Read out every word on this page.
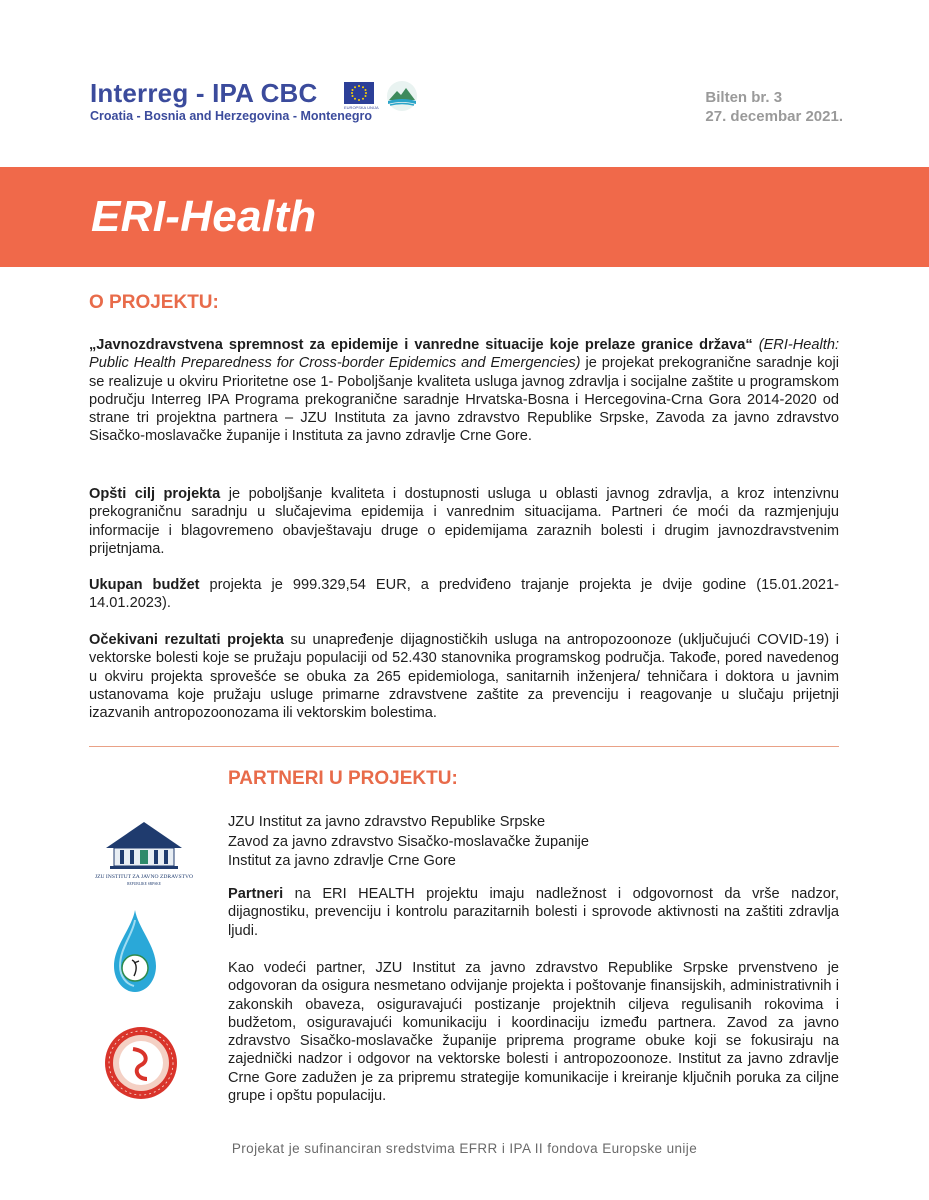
Interreg - IPA CBC
Croatia - Bosnia and Herzegovina - Montenegro
EUROPSKA UNIJA
Bilten br. 3
27. decembar 2021.
ERI-Health
O PROJEKTU:

„Javnozdravstvena spremnost za epidemije i vanredne situacije koje prelaze granice država“ (ERI-Health: Public Health Preparedness for Cross-border Epidemics and Emergencies) je projekat prekogranične saradnje koji se realizuje u okviru Prioritetne ose 1- Poboljšanje kvaliteta usluga javnog zdravlja i socijalne zaštite u programskom području Interreg IPA Programa prekogranične saradnje Hrvatska-Bosna i Hercegovina-Crna Gora 2014-2020 od strane tri projektna partnera – JZU Instituta za javno zdravstvo Republike Srpske, Zavoda za javno zdravstvo Sisačko-moslavačke županije i Instituta za javno zdravlje Crne Gore.

Opšti cilj projekta je poboljšanje kvaliteta i dostupnosti usluga u oblasti javnog zdravlja, a kroz intenzivnu prekograničnu saradnju u slučajevima epidemija i vanrednim situacijama. Partneri će moći da razmjenjuju informacije i blagovremeno obavještavaju druge o epidemijama zaraznih bolesti i drugim javnozdravstvenim prijetnjama.

Ukupan budžet projekta je 999.329,54 EUR, a predviđeno trajanje projekta je dvije godine (15.01.2021-14.01.2023).

Očekivani rezultati projekta su unapređenje dijagnostičkih usluga na antropozoonoze (uključujući COVID-19) i vektorske bolesti koje se pružaju populaciji od 52.430 stanovnika programskog područja. Takođe, pored navedenog u okviru projekta sprovešće se obuka za 265 epidemiologa, sanitarnih inženjera/ tehničara i doktora u javnim ustanovama koje pružaju usluge primarne zdravstvene zaštite za prevenciju i reagovanje u slučaju prijetnji izazvanih antropozoonozama ili vektorskim bolestima.

PARTNERI U PROJEKTU:
JZU Institut za javno zdravstvo Republike Srpske
Zavod za javno zdravstvo Sisačko-moslavačke županije
Institut za javno zdravlje Crne Gore

Partneri na ERI HEALTH projektu imaju nadležnost i odgovornost da vrše nadzor, dijagnostiku, prevenciju i kontrolu parazitarnih bolesti i sprovode aktivnosti na zaštiti zdravlja ljudi.

Kao vodeći partner, JZU Institut za javno zdravstvo Republike Srpske prvenstveno je odgovoran da osigura nesmetano odvijanje projekta i poštovanje finansijskih, administrativnih i zakonskih obaveza, osiguravajući postizanje projektnih ciljeva regulisanih rokovima i budžetom, osiguravajući komunikaciju i koordinaciju između partnera. Zavod za javno zdravstvo Sisačko-moslavačke županije priprema programe obuke koji se fokusiraju na zajednički nadzor i odgovor na vektorske bolesti i antropozoonoze. Institut za javno zdravlje Crne Gore zadužen je za pripremu strategije komunikacije i kreiranje ključnih poruka za ciljne grupe i opštu populaciju.

JZU INSTITUT ZA JAVNO ZDRAVSTVO
REPUBLIKE SRPSKE
Projekat je sufinanciran sredstvima EFRR i IPA II fondova Europske unije
